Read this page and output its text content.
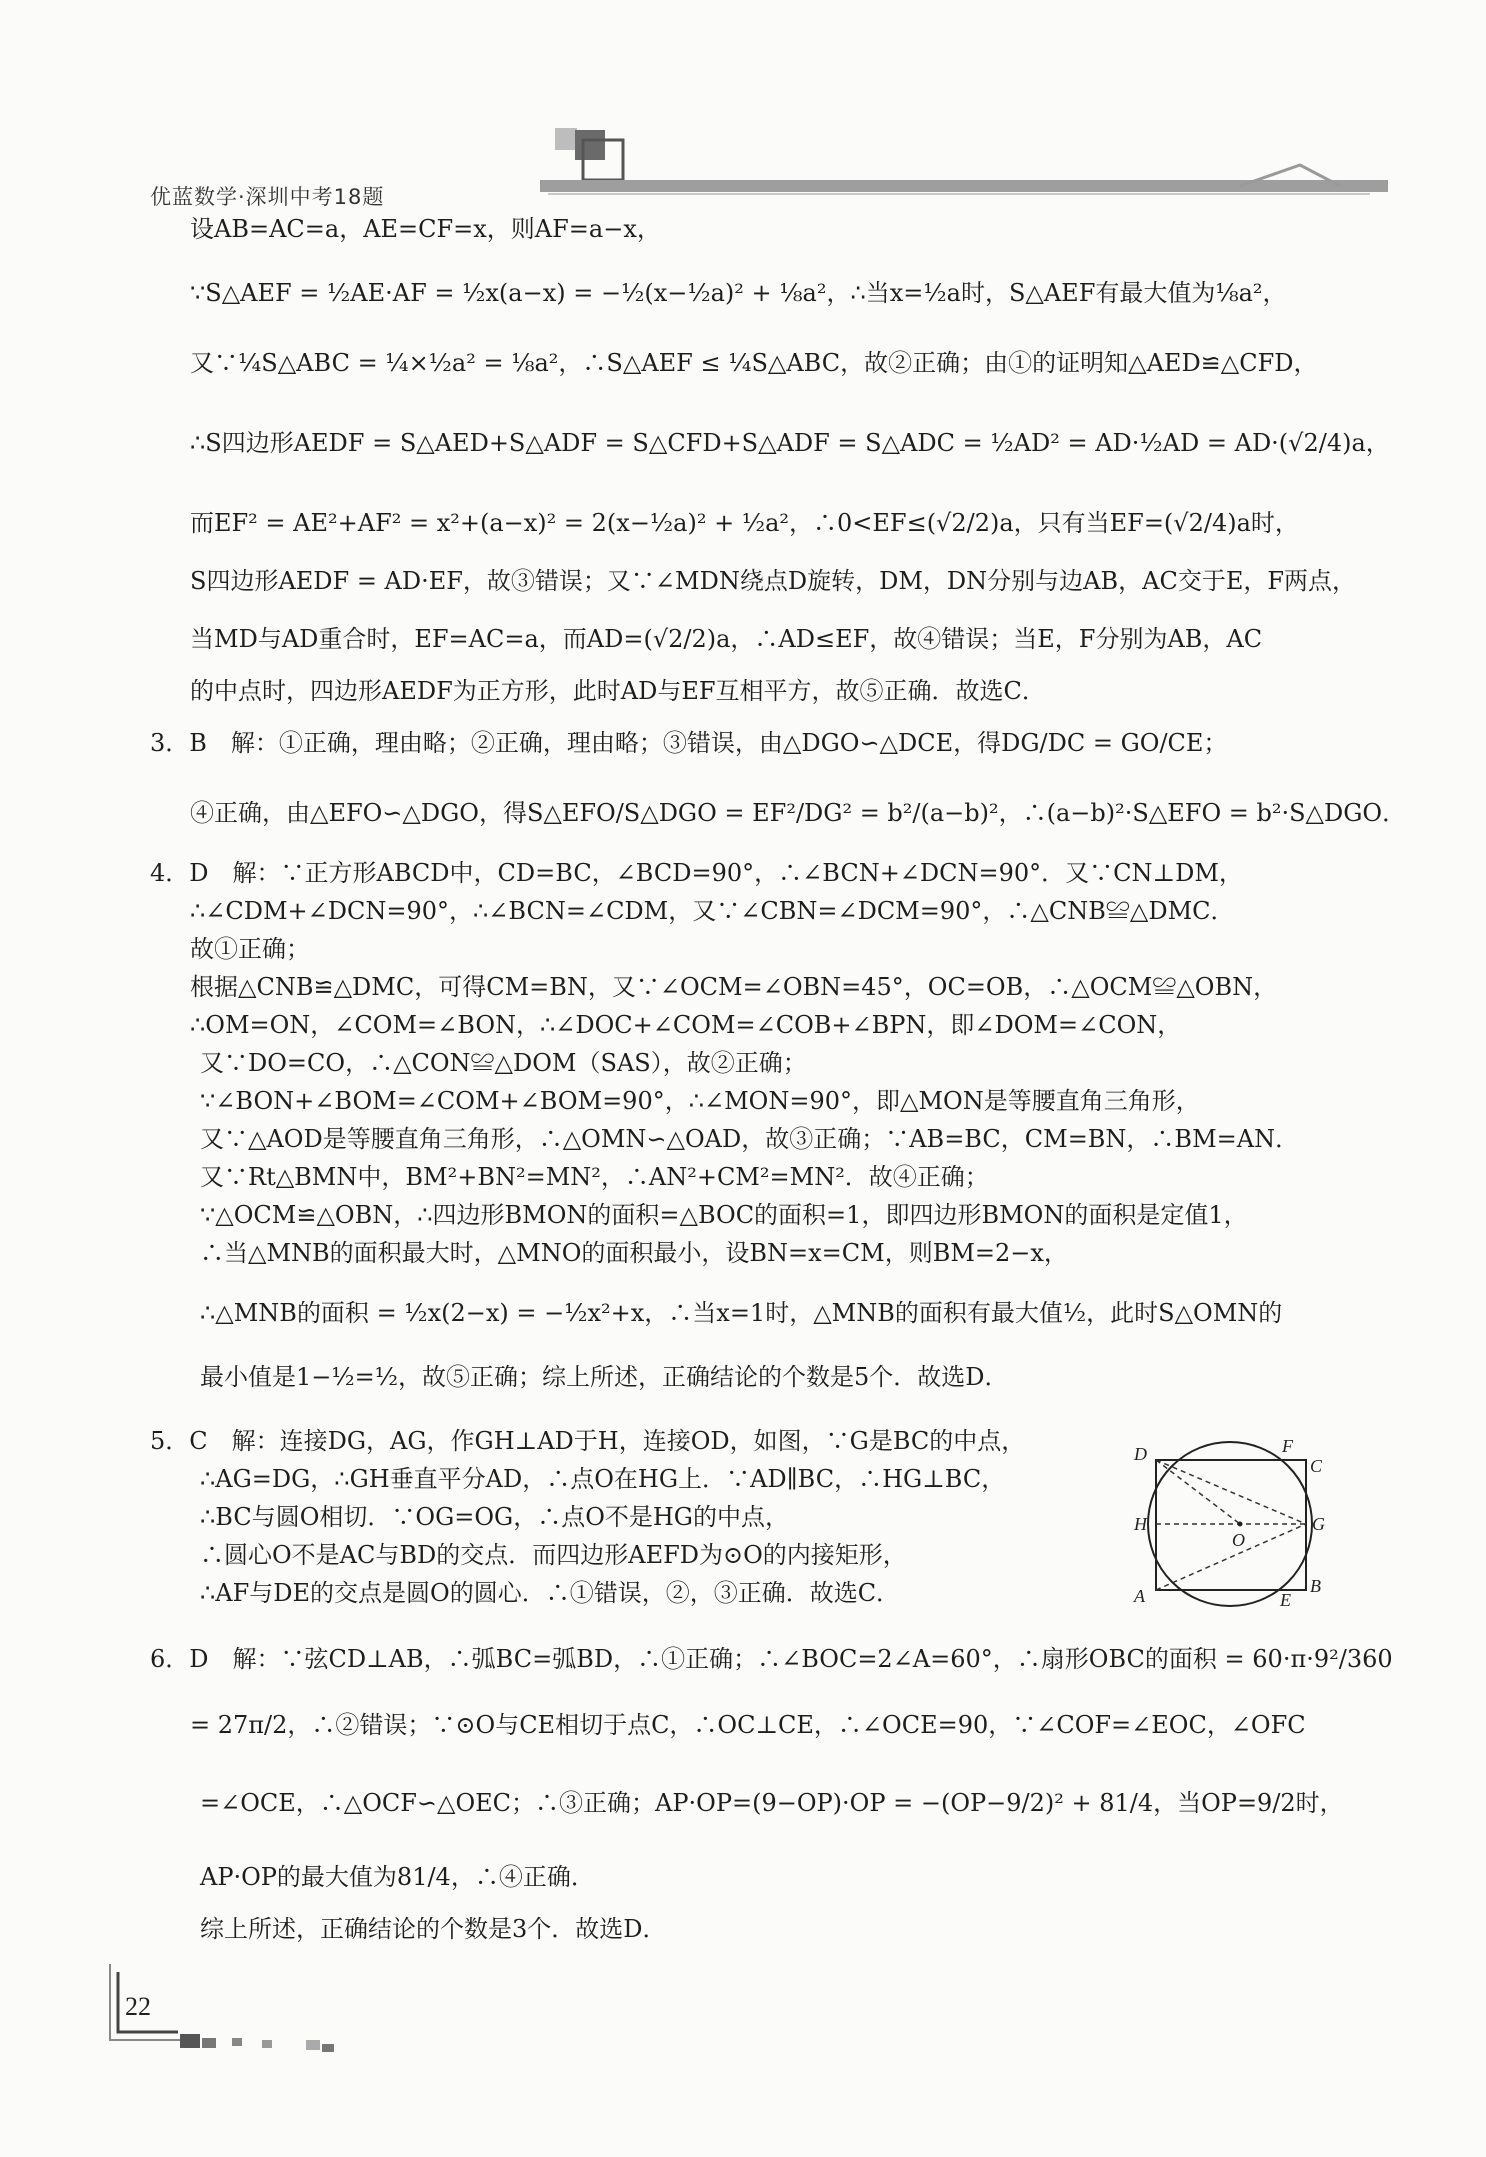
优蓝数学·深圳中考18题
设AB=AC=a，AE=CF=x，则AF=a−x，
∵S△AEF = ½AE·AF = ½x(a−x) = −½(x−½a)² + ⅛a²，∴当x=½a时，S△AEF有最大值为⅛a²，
又∵¼S△ABC = ¼×½a² = ⅛a²，∴S△AEF ≤ ¼S△ABC，故②正确；由①的证明知△AED≌△CFD，
∴S四边形AEDF = S△AED+S△ADF = S△CFD+S△ADF = S△ADC = ½AD² = AD·½AD = AD·(√2/4)a，
而EF² = AE²+AF² = x²+(a−x)² = 2(x−½a)² + ½a²，∴0<EF≤(√2/2)a，只有当EF=(√2/4)a时，
S四边形AEDF = AD·EF，故③错误；又∵∠MDN绕点D旋转，DM，DN分别与边AB，AC交于E，F两点，
当MD与AD重合时，EF=AC=a，而AD=(√2/2)a，∴AD≤EF，故④错误；当E，F分别为AB，AC
的中点时，四边形AEDF为正方形，此时AD与EF互相平方，故⑤正确．故选C．
3．B　解：①正确，理由略；②正确，理由略；③错误，由△DGO∽△DCE，得DG/DC = GO/CE；
④正确，由△EFO∽△DGO，得S△EFO/S△DGO = EF²/DG² = b²/(a−b)²，∴(a−b)²·S△EFO = b²·S△DGO．
4．D　解：∵正方形ABCD中，CD=BC，∠BCD=90°，∴∠BCN+∠DCN=90°．又∵CN⊥DM，
∴∠CDM+∠DCN=90°，∴∠BCN=∠CDM，又∵∠CBN=∠DCM=90°，∴△CNB≌△DMC．
故①正确；
根据△CNB≌△DMC，可得CM=BN，又∵∠OCM=∠OBN=45°，OC=OB，∴△OCM≌△OBN，
∴OM=ON，∠COM=∠BON，∴∠DOC+∠COM=∠COB+∠BPN，即∠DOM=∠CON，
又∵DO=CO，∴△CON≌△DOM（SAS），故②正确；
∵∠BON+∠BOM=∠COM+∠BOM=90°，∴∠MON=90°，即△MON是等腰直角三角形，
又∵△AOD是等腰直角三角形，∴△OMN∽△OAD，故③正确；∵AB=BC，CM=BN，∴BM=AN．
又∵Rt△BMN中，BM²+BN²=MN²，∴AN²+CM²=MN²．故④正确；
∵△OCM≌△OBN，∴四边形BMON的面积=△BOC的面积=1，即四边形BMON的面积是定值1，
∴当△MNB的面积最大时，△MNO的面积最小，设BN=x=CM，则BM=2−x，
∴△MNB的面积 = ½x(2−x) = −½x²+x，∴当x=1时，△MNB的面积有最大值½，此时S△OMN的
最小值是1−½=½，故⑤正确；综上所述，正确结论的个数是5个．故选D．
5．C　解：连接DG，AG，作GH⊥AD于H，连接OD，如图，∵G是BC的中点，
∴AG=DG，∴GH垂直平分AD，∴点O在HG上．∵AD∥BC，∴HG⊥BC，
∴BC与圆O相切．∵OG=OG，∴点O不是HG的中点，
∴圆心O不是AC与BD的交点．而四边形AEFD为⊙O的内接矩形，
∴AF与DE的交点是圆O的圆心．∴①错误，②，③正确．故选C．
6．D　解：∵弦CD⊥AB，∴弧BC=弧BD，∴①正确；∴∠BOC=2∠A=60°，∴扇形OBC的面积 = 60·π·9²/360
= 27π/2，∴②错误；∵⊙O与CE相切于点C，∴OC⊥CE，∴∠OCE=90，∵∠COF=∠EOC，∠OFC
=∠OCE，∴△OCF∽△OEC；∴③正确；AP·OP=(9−OP)·OP = −(OP−9/2)² + 81/4，当OP=9/2时，
AP·OP的最大值为81/4，∴④正确．
综上所述，正确结论的个数是3个．故选D．
D	F
C
H
O
G
A	E
B
22
